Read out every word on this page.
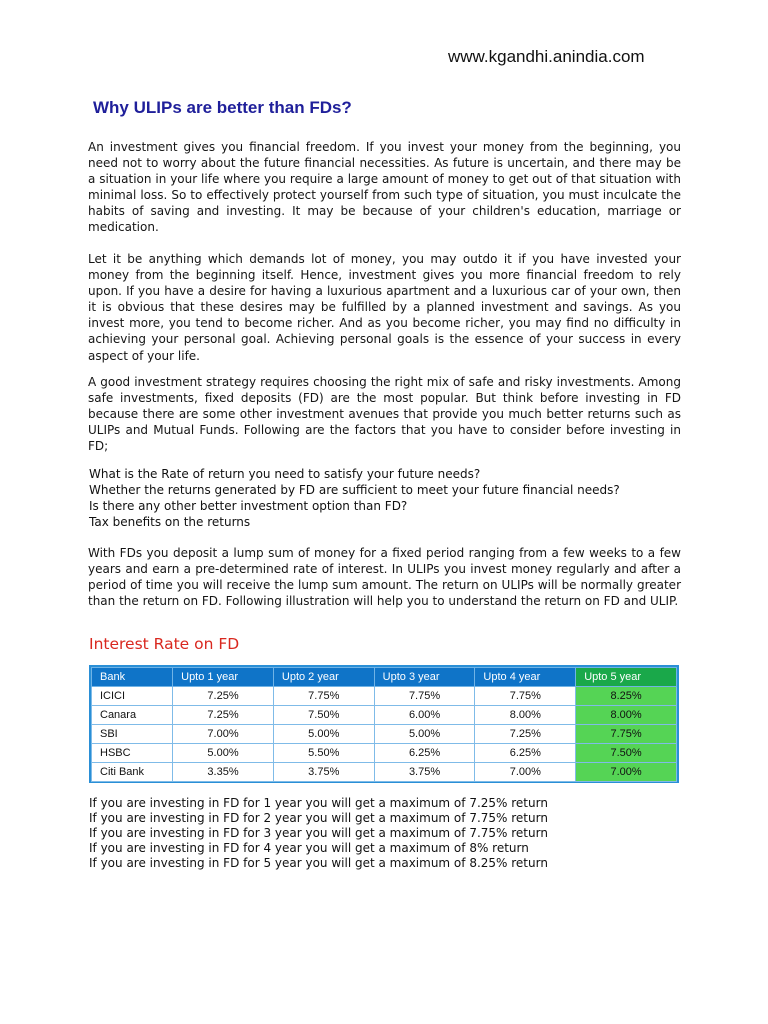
www.kgandhi.anindia.com
Why ULIPs are better than FDs?

An investment gives you financial freedom. If you invest your money from the beginning, you need not to worry about the future financial necessities. As future is uncertain, and there may be a situation in your life where you require a large amount of money to get out of that situation with minimal loss. So to effectively protect yourself from such type of situation, you must inculcate the habits of saving and investing. It may be because of your children's education, marriage or medication.

Let it be anything which demands lot of money, you may outdo it if you have invested your money from the beginning itself. Hence, investment gives you more financial freedom to rely upon. If you have a desire for having a luxurious apartment and a luxurious car of your own, then it is obvious that these desires may be fulfilled by a planned investment and savings. As you invest more, you tend to become richer. And as you become richer, you may find no difficulty in achieving your personal goal. Achieving personal goals is the essence of your success in every aspect of your life.

A good investment strategy requires choosing the right mix of safe and risky investments. Among safe investments, fixed deposits (FD) are the most popular. But think before investing in FD because there are some other investment avenues that provide you much better returns such as ULIPs and Mutual Funds. Following are the factors that you have to consider before investing in FD;

What is the Rate of return you need to satisfy your future needs?
Whether the returns generated by FD are sufficient to meet your future financial needs?
Is there any other better investment option than FD?
Tax benefits on the returns

With FDs you deposit a lump sum of money for a fixed period ranging from a few weeks to a few years and earn a pre-determined rate of interest. In ULIPs you invest money regularly and after a period of time you will receive the lump sum amount. The return on ULIPs will be normally greater than the return on FD. Following illustration will help you to understand the return on FD and ULIP.

Interest Rate on FD
Bank	Upto 1 year	Upto 2 year	Upto 3 year	Upto 4 year	Upto 5 year
ICICI	7.25%	7.75%	7.75%	7.75%	8.25%
Canara	7.25%	7.50%	6.00%	8.00%	8.00%
SBI	7.00%	5.00%	5.00%	7.25%	7.75%
HSBC	5.00%	5.50%	6.25%	6.25%	7.50%
Citi Bank	3.35%	3.75%	3.75%	7.00%	7.00%
If you are investing in FD for 1 year you will get a maximum of 7.25% return
If you are investing in FD for 2 year you will get a maximum of 7.75% return
If you are investing in FD for 3 year you will get a maximum of 7.75% return
If you are investing in FD for 4 year you will get a maximum of 8% return
If you are investing in FD for 5 year you will get a maximum of 8.25% return
